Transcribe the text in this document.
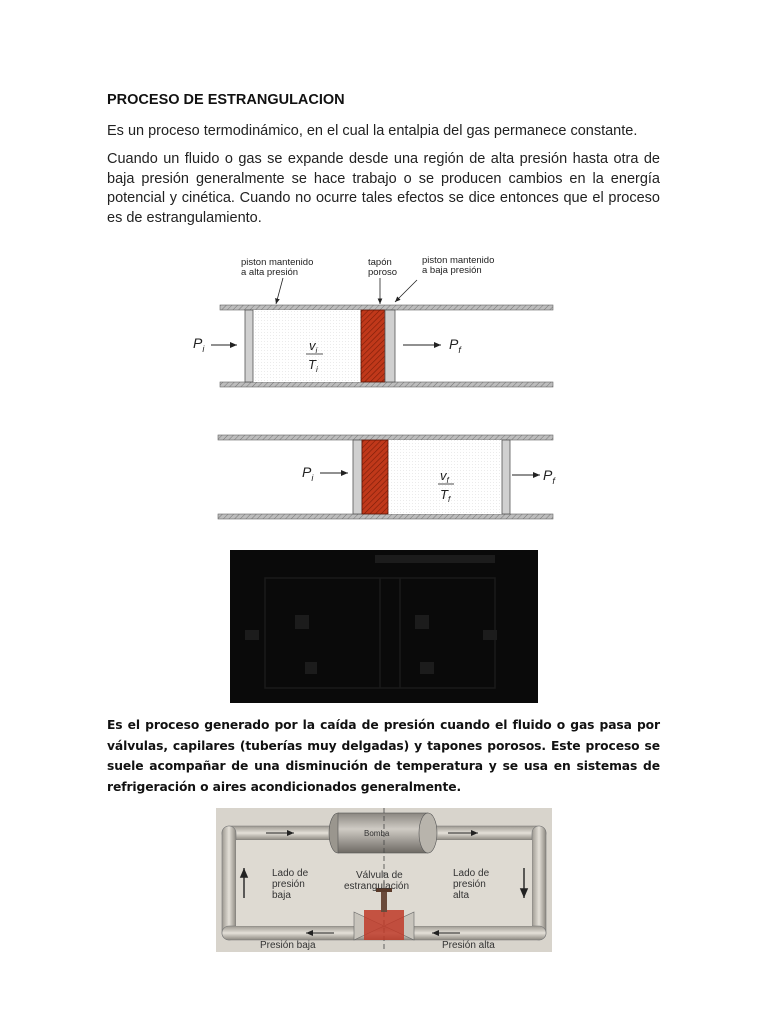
PROCESO DE ESTRANGULACION
Es un proceso termodinámico, en el cual la entalpia del gas permanece constante.
Cuando un fluido o gas se expande desde una región de alta presión hasta otra de baja presión generalmente se hace trabajo o se producen cambios en la energía potencial y cinética. Cuando no ocurre tales efectos se dice entonces que el proceso es de estrangulamiento.
piston mantenido
a alta presión
tapón
poroso
piston mantenido
a baja presión
$P_i$	$P_f$
$v_i$
$T_i$
$P_i$	$P_f$
$v_f$
$T_f$
Es el proceso generado por la caída de presión cuando el fluido o gas pasa por válvulas, capilares (tuberías muy delgadas) y tapones porosos. Este proceso se suele acompañar de una disminución de temperatura y se usa en sistemas de refrigeración o aires acondicionados generalmente.
Bomba
Lado de
presión
baja
Válvula de
estrangulación
Lado de
presión
alta
Presión baja	Presión alta
